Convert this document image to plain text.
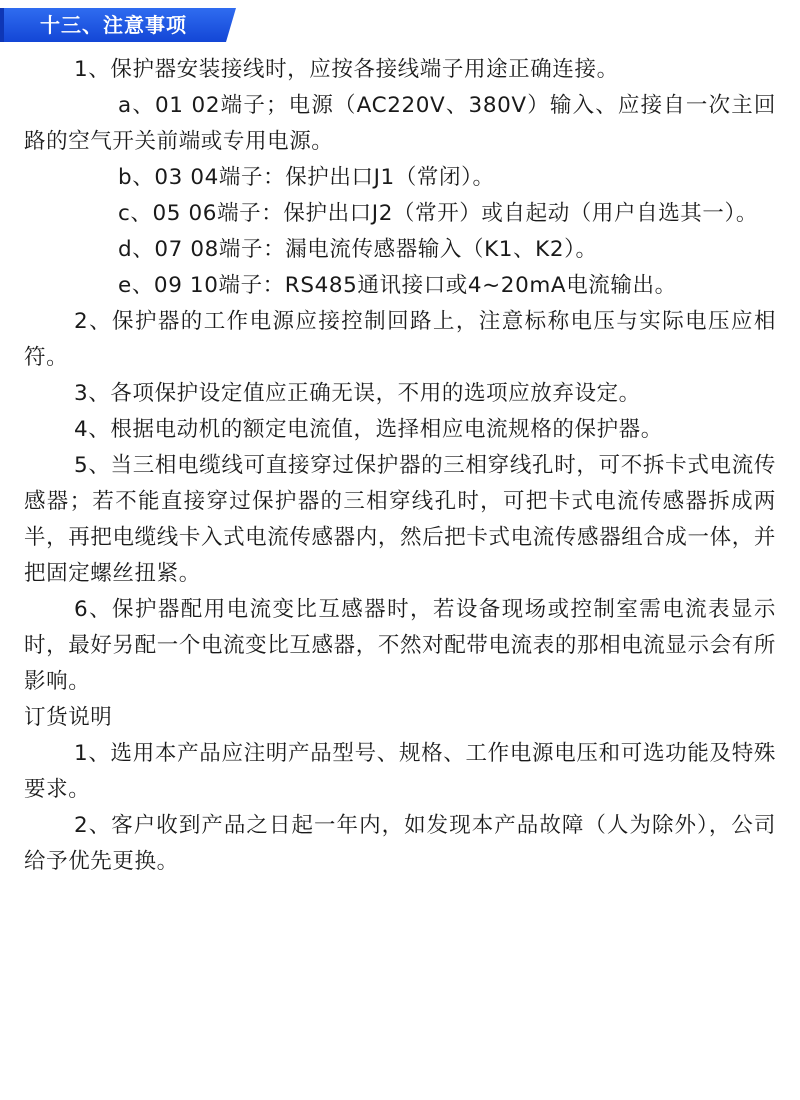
十三、注意事项

1、保护器安装接线时，应按各接线端子用途正确连接。

a、01 02端子；电源（AC220V、380V）输入、应接自一次主回路的空气开关前端或专用电源。

b、03 04端子：保护出口J1（常闭）。

c、05 06端子：保护出口J2（常开）或自起动（用户自选其一）。

d、07 08端子：漏电流传感器输入（K1、K2）。

e、09 10端子：RS485通讯接口或4~20mA电流输出。

2、保护器的工作电源应接控制回路上，注意标称电压与实际电压应相符。

3、各项保护设定值应正确无误，不用的选项应放弃设定。

4、根据电动机的额定电流值，选择相应电流规格的保护器。

5、当三相电缆线可直接穿过保护器的三相穿线孔时，可不拆卡式电流传感器；若不能直接穿过保护器的三相穿线孔时，可把卡式电流传感器拆成两半，再把电缆线卡入式电流传感器内，然后把卡式电流传感器组合成一体，并把固定螺丝扭紧。

6、保护器配用电流变比互感器时，若设备现场或控制室需电流表显示时，最好另配一个电流变比互感器，不然对配带电流表的那相电流显示会有所影响。

订货说明

1、选用本产品应注明产品型号、规格、工作电源电压和可选功能及特殊要求。

2、客户收到产品之日起一年内，如发现本产品故障（人为除外），公司给予优先更换。
